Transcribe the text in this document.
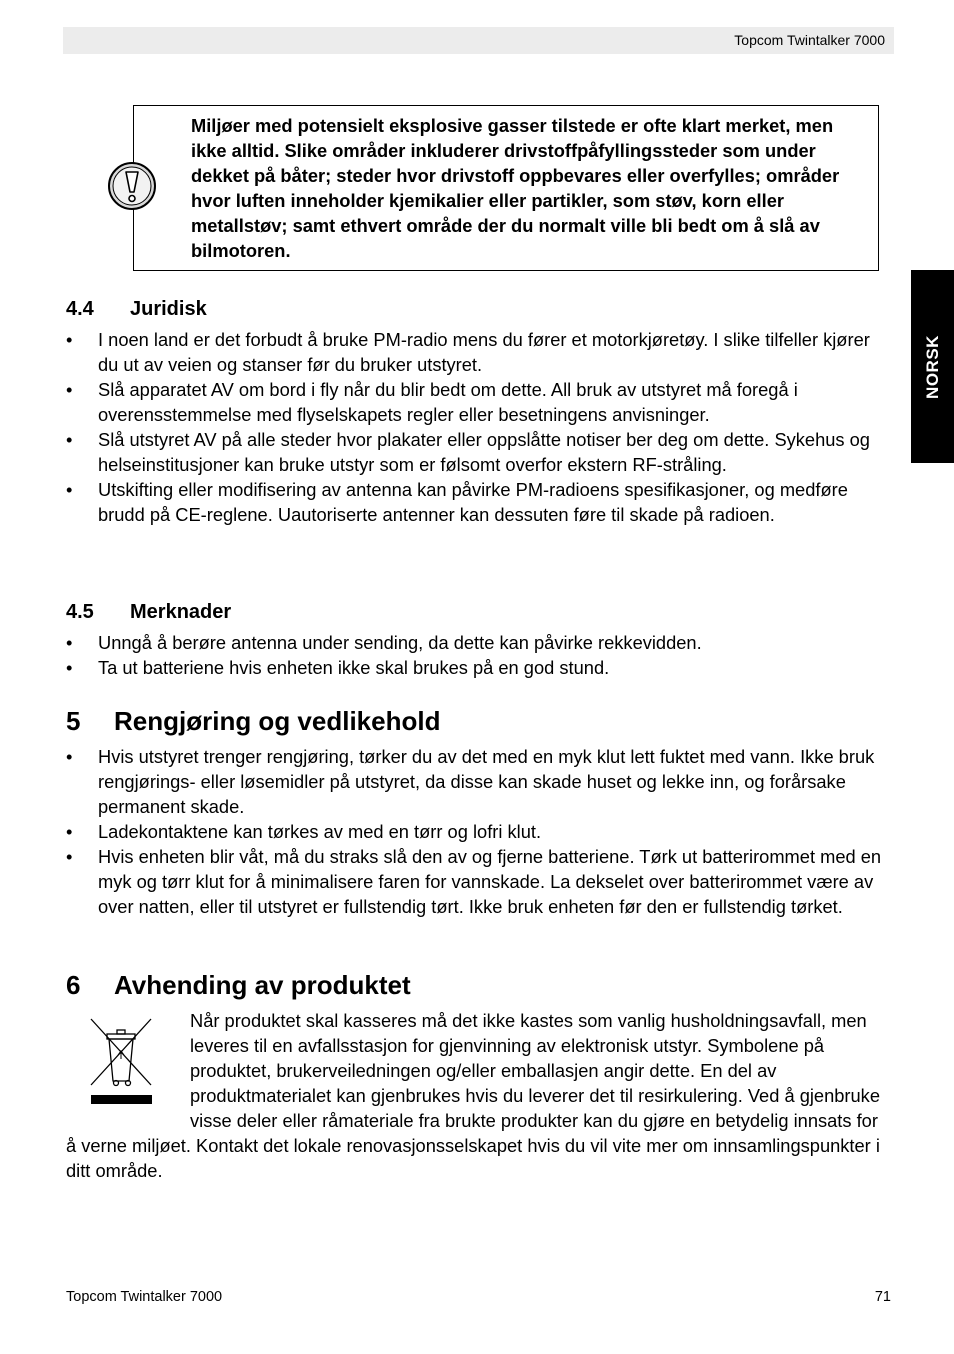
Topcom Twintalker 7000
NORSK
Miljøer med potensielt eksplosive gasser tilstede er ofte klart merket, men ikke alltid. Slike områder inkluderer drivstoffpåfyllingssteder som under dekket på båter; steder hvor drivstoff oppbevares eller overfylles; områder hvor luften inneholder kjemikalier eller partikler, som støv, korn eller metallstøv; samt ethvert område der du normalt ville bli bedt om å slå av bilmotoren.
4.4 Juridisk
• I noen land er det forbudt å bruke PM-radio mens du fører et motorkjøretøy. I slike tilfeller kjører du ut av veien og stanser før du bruker utstyret.
• Slå apparatet AV om bord i fly når du blir bedt om dette. All bruk av utstyret må foregå i overensstemmelse med flyselskapets regler eller besetningens anvisninger.
• Slå utstyret AV på alle steder hvor plakater eller oppslåtte notiser ber deg om dette. Sykehus og helseinstitusjoner kan bruke utstyr som er følsomt overfor ekstern RF-stråling.
• Utskifting eller modifisering av antenna kan påvirke PM-radioens spesifikasjoner, og medføre brudd på CE-reglene. Uautoriserte antenner kan dessuten føre til skade på radioen.
4.5 Merknader
• Unngå å berøre antenna under sending, da dette kan påvirke rekkevidden.
• Ta ut batteriene hvis enheten ikke skal brukes på en god stund.
5 Rengjøring og vedlikehold
• Hvis utstyret trenger rengjøring, tørker du av det med en myk klut lett fuktet med vann. Ikke bruk rengjørings- eller løsemidler på utstyret, da disse kan skade huset og lekke inn, og forårsake permanent skade.
• Ladekontaktene kan tørkes av med en tørr og lofri klut.
• Hvis enheten blir våt, må du straks slå den av og fjerne batteriene. Tørk ut batterirommet med en myk og tørr klut for å minimalisere faren for vannskade. La dekselet over batterirommet være av over natten, eller til utstyret er fullstendig tørt. Ikke bruk enheten før den er fullstendig tørket.
6 Avhending av produktet

Når produktet skal kasseres må det ikke kastes som vanlig husholdningsavfall, men leveres til en avfallsstasjon for gjenvinning av elektronisk utstyr. Symbolene på produktet, brukerveiledningen og/eller emballasjen angir dette. En del av produktmaterialet kan gjenbrukes hvis du leverer det til resirkulering. Ved å gjenbruke visse deler eller råmateriale fra brukte produkter kan du gjøre en betydelig innsats for å verne miljøet. Kontakt det lokale renovasjonsselskapet hvis du vil vite mer om innsamlingspunkter i ditt område.

Topcom Twintalker 7000	71
